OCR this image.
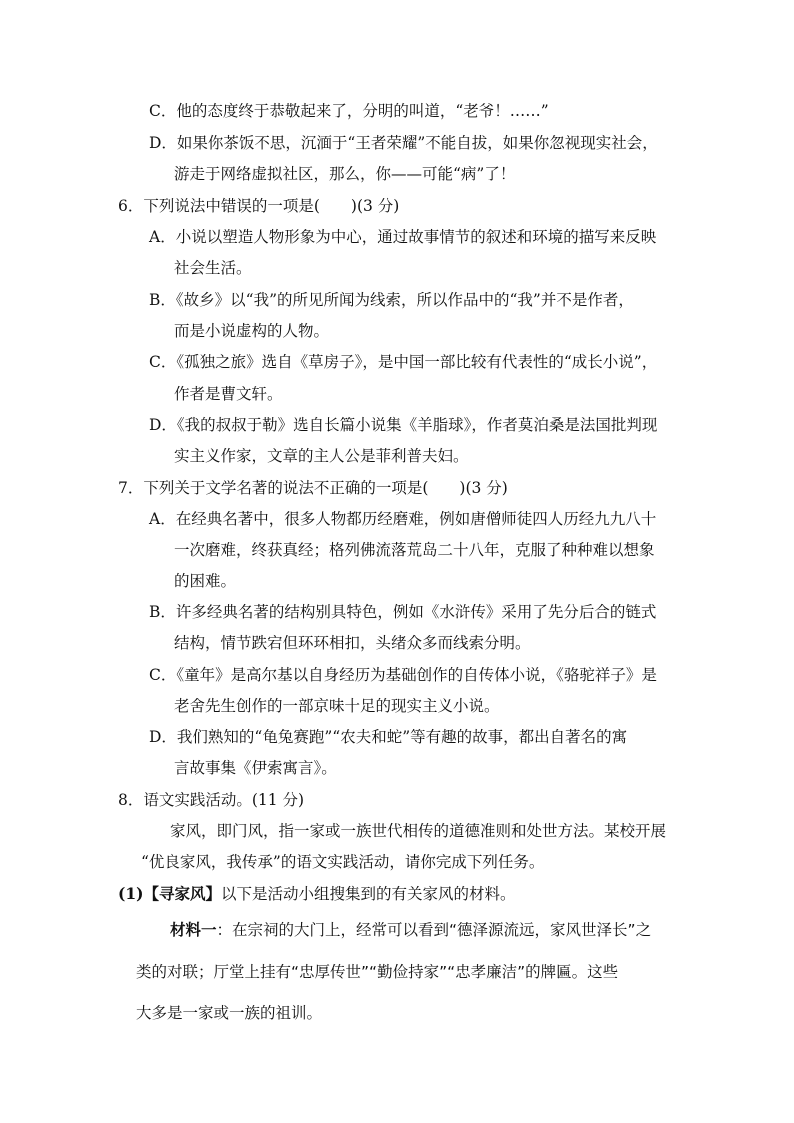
C．他的态度终于恭敬起来了，分明的叫道，“老爷！……”
D．如果你茶饭不思，沉湎于“王者荣耀”不能自拔，如果你忽视现实社会，
游走于网络虚拟社区，那么，你——可能“病”了！
6．下列说法中错误的一项是(　　)(3 分)
A．小说以塑造人物形象为中心，通过故事情节的叙述和环境的描写来反映
社会生活。
B．《故乡》以“我”的所见所闻为线索，所以作品中的“我”并不是作者，
而是小说虚构的人物。
C．《孤独之旅》选自《草房子》，是中国一部比较有代表性的“成长小说”，
作者是曹文轩。
D．《我的叔叔于勒》选自长篇小说集《羊脂球》，作者莫泊桑是法国批判现
实主义作家，文章的主人公是菲利普夫妇。
7．下列关于文学名著的说法不正确的一项是(　　)(3 分)
A．在经典名著中，很多人物都历经磨难，例如唐僧师徒四人历经九九八十
一次磨难，终获真经；格列佛流落荒岛二十八年，克服了种种难以想象
的困难。
B．许多经典名著的结构别具特色，例如《水浒传》采用了先分后合的链式
结构，情节跌宕但环环相扣，头绪众多而线索分明。
C．《童年》是高尔基以自身经历为基础创作的自传体小说，《骆驼祥子》是
老舍先生创作的一部京味十足的现实主义小说。
D．我们熟知的“龟兔赛跑”“农夫和蛇”等有趣的故事，都出自著名的寓
言故事集《伊索寓言》。
8．语文实践活动。(11 分)
家风，即门风，指一家或一族世代相传的道德准则和处世方法。某校开展
“优良家风，我传承”的语文实践活动，请你完成下列任务。
(1)【寻家风】以下是活动小组搜集到的有关家风的材料。
材料一：在宗祠的大门上，经常可以看到“德泽源流远，家风世泽长”之
类的对联；厅堂上挂有“忠厚传世”“勤俭持家”“忠孝廉洁”的牌匾。这些
大多是一家或一族的祖训。
